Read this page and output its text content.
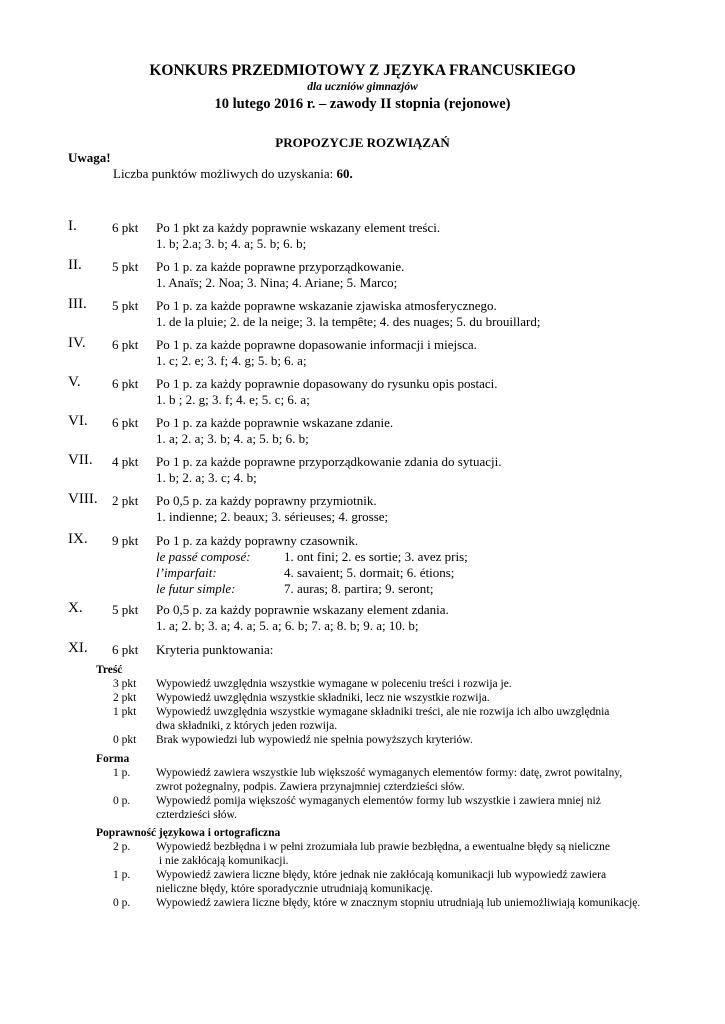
KONKURS PRZEDMIOTOWY Z JĘZYKA FRANCUSKIEGO
dla uczniów gimnazjów
10 lutego 2016 r. – zawody II stopnia (rejonowe)
PROPOZYCJE ROZWIĄZAŃ
Uwaga!
Liczba punktów możliwych do uzyskania: 60.
I.	6 pkt Po 1 pkt za każdy poprawnie wskazany element treści.
1. b; 2.a; 3. b; 4. a; 5. b; 6. b;
II. 5 pkt Po 1 p. za każde poprawne przyporządkowanie.
1. Anaïs; 2. Noa; 3. Nina; 4. Ariane; 5. Marco;
III. 5 pkt Po 1 p. za każde poprawne wskazanie zjawiska atmosferycznego.
1. de la pluie; 2. de la neige; 3. la tempête; 4. des nuages; 5. du brouillard;
IV. 6 pkt Po 1 p. za każde poprawne dopasowanie informacji i miejsca.
1. c; 2. e; 3. f; 4. g; 5. b; 6. a;
V. 6 pkt Po 1 p. za każdy poprawnie dopasowany do rysunku opis postaci.
1. b ; 2. g; 3. f; 4. e; 5. c; 6. a;
VI. 6 pkt Po 1 p. za każde poprawnie wskazane zdanie.
1. a; 2. a; 3. b; 4. a; 5. b; 6. b;
VII. 4 pkt Po 1 p. za każde poprawne przyporządkowanie zdania do sytuacji.
1. b; 2. a; 3. c; 4. b;
VIII. 2 pkt Po 0,5 p. za każdy poprawny przymiotnik.
1. indienne; 2. beaux; 3. sérieuses; 4. grosse;
IX. 9 pkt Po 1 p. za każdy poprawny czasownik.
le passé composé:	1. ont fini; 2. es sortie; 3. avez pris;
l’imparfait:	4. savaient; 5. dormait; 6. étions;
le futur simple:	7. auras; 8. partira; 9. seront;
X. 5 pkt Po 0,5 p. za każdy poprawnie wskazany element zdania.
1. a; 2. b; 3. a; 4. a; 5. a; 6. b; 7. a; 8. b; 9. a; 10. b;
XI. 6 pkt Kryteria punktowania:
Treść
3 pkt Wypowiedź uwzględnia wszystkie wymagane w poleceniu treści i rozwija je.
2 pkt Wypowiedź uwzględnia wszystkie składniki, lecz nie wszystkie rozwija.
1 pkt Wypowiedź uwzględnia wszystkie wymagane składniki treści, ale nie rozwija ich albo uwzględnia
dwa składniki, z których jeden rozwija.
0 pkt Brak wypowiedzi lub wypowiedź nie spełnia powyższych kryteriów.
Forma
1 p. Wypowiedź zawiera wszystkie lub większość wymaganych elementów formy: datę, zwrot powitalny,
zwrot pożegnalny, podpis. Zawiera przynajmniej czterdzieści słów.
0 p. Wypowiedź pomija większość wymaganych elementów formy lub wszystkie i zawiera mniej niż
czterdzieści słów.
Poprawność językowa i ortograficzna
2 p. Wypowiedź bezbłędna i w pełni zrozumiała lub prawie bezbłędna, a ewentualne błędy są nieliczne
i nie zakłócają komunikacji.
1 p. Wypowiedź zawiera liczne błędy, które jednak nie zakłócają komunikacji lub wypowiedź zawiera
nieliczne błędy, które sporadycznie utrudniają komunikację.
0 p. Wypowiedź zawiera liczne błędy, które w znacznym stopniu utrudniają lub uniemożliwiają komunikację.
